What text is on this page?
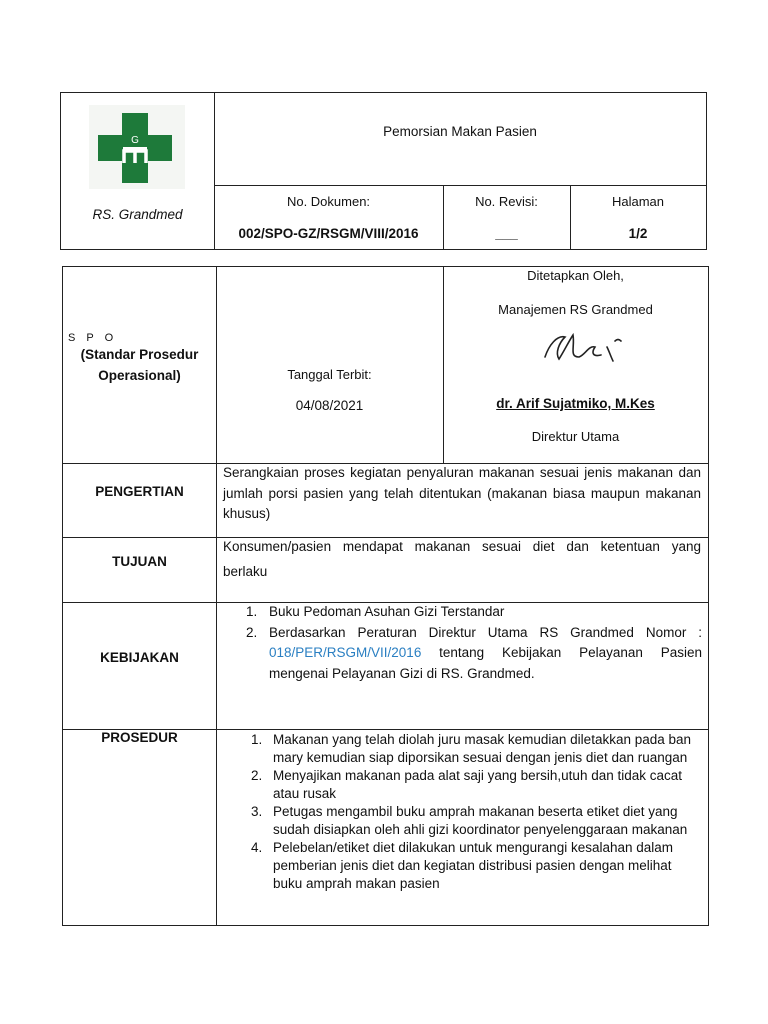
G
RS. Grandmed
Pemorsian Makan Pasien
No. Dokumen:
002/SPO-GZ/RSGM/VIII/2016
No. Revisi:
___
Halaman
1/2
S P O
(Standar Prosedur
Operasional)	Tanggal Terbit:
04/08/2021
Ditetapkan Oleh,
Manajemen RS Grandmed
dr. Arif Sujatmiko, M.Kes
Direktur Utama
PENGERTIAN
Serangkaian proses kegiatan penyaluran makanan sesuai jenis makanan dan jumlah porsi pasien yang telah ditentukan (makanan biasa maupun makanan khusus)
TUJUAN
Konsumen/pasien mendapat makanan sesuai diet dan ketentuan yang
berlaku
KEBIJAKAN
1. Buku Pedoman Asuhan Gizi Terstandar
2. Berdasarkan Peraturan Direktur Utama RS Grandmed Nomor : 018/PER/RSGM/VII/2016 tentang Kebijakan Pelayanan Pasien mengenai Pelayanan Gizi di RS. Grandmed.
PROSEDUR	1. Makanan yang telah diolah juru masak kemudian diletakkan pada ban mary kemudian siap diporsikan sesuai dengan jenis diet dan ruangan
2. Menyajikan makanan pada alat saji yang bersih,utuh dan tidak cacat atau rusak
3. Petugas mengambil buku amprah makanan beserta etiket diet yang sudah disiapkan oleh ahli gizi koordinator penyelenggaraan makanan
4. Pelebelan/etiket diet dilakukan untuk mengurangi kesalahan dalam pemberian jenis diet dan kegiatan distribusi pasien dengan melihat buku amprah makan pasien
